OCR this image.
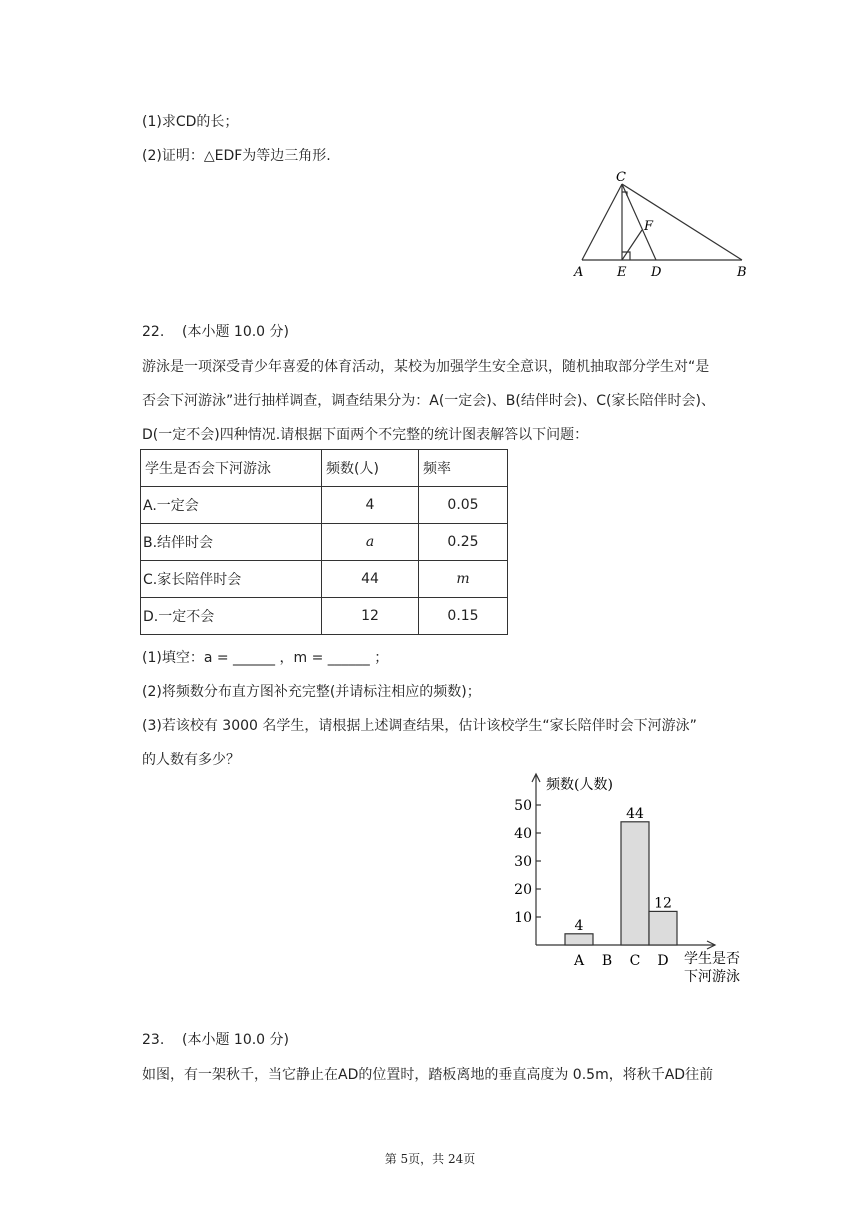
(1)求CD的长；
(2)证明：△EDF为等边三角形.
C
F
A	E D	B
22. (本小题 10.0 分)
游泳是一项深受青少年喜爱的体育活动，某校为加强学生安全意识，随机抽取部分学生对“是
否会下河游泳”进行抽样调查，调查结果分为：A(一定会)、B(结伴时会)、C(家长陪伴时会)、
D(一定不会)四种情况.请根据下面两个不完整的统计图表解答以下问题：
学生是否会下河游泳	频数(人)	频率
A.一定会	4	0.05
B.结伴时会	a	0.25
C.家长陪伴时会	44	m
D.一定不会	12	0.15
(1)填空：a = ______ ，m = ______ ；
(2)将频数分布直方图补充完整(并请标注相应的频数)；
(3)若该校有 3000 名学生，请根据上述调查结果，估计该校学生“家长陪伴时会下河游泳”
的人数有多少？
10
20
30
40
50
4
A B
44
C
12
D
频数(人数)
学生是否
下河游泳
23. (本小题 10.0 分)
如图，有一架秋千，当它静止在AD的位置时，踏板离地的垂直高度为 0.5m，将秋千AD往前
第 5页，共 24页
